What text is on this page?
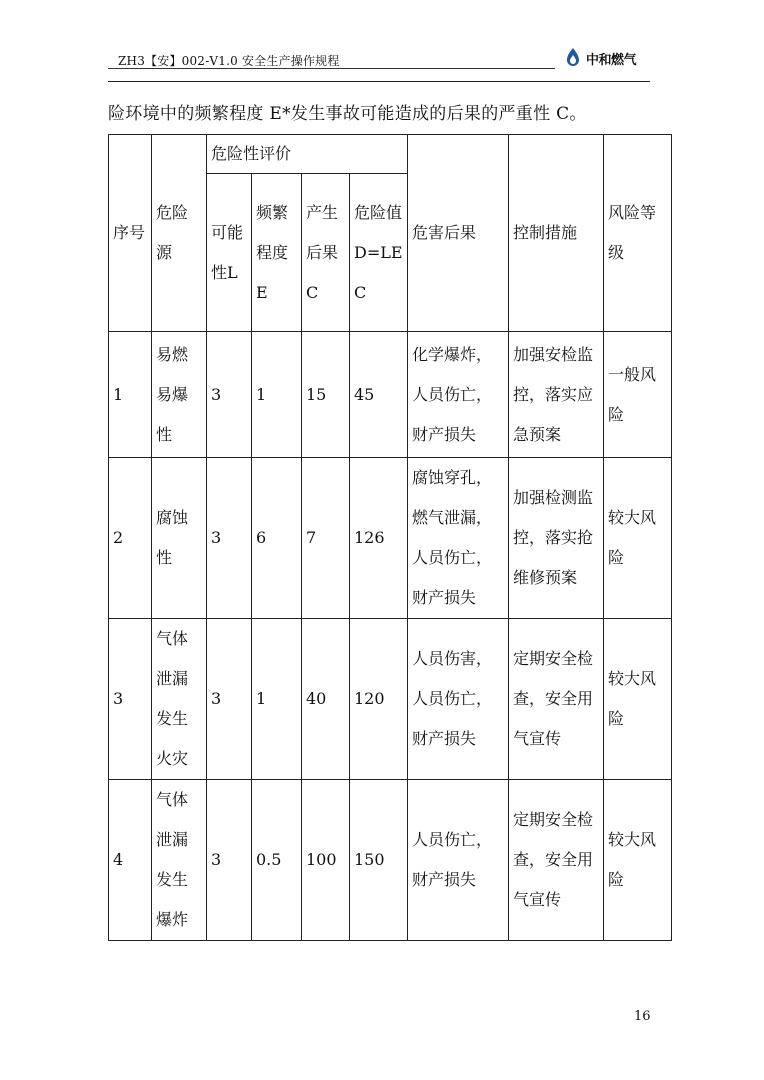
ZH3【安】002-V1.0 安全生产操作规程	中和燃气
险环境中的频繁程度 E*发生事故可能造成的后果的严重性 C。
序号	危险源	危险性评价				危害后果	控制措施	风险等级
		可能性L	频繁程度E	产生后果C	危险值D=LEC			
1	易燃易爆性	3	1	15	45	化学爆炸，人员伤亡，财产损失	加强安检监控，落实应急预案	一般风险
2	腐蚀性	3	6	7	126	腐蚀穿孔，燃气泄漏，人员伤亡，财产损失	加强检测监控，落实抢维修预案	较大风险
3	气体泄漏发生火灾	3	1	40	120	人员伤害，人员伤亡，财产损失	定期安全检查，安全用气宣传	较大风险
4	气体泄漏发生爆炸	3	0.5	100	150	人员伤亡，财产损失	定期安全检查，安全用气宣传	较大风险
16
